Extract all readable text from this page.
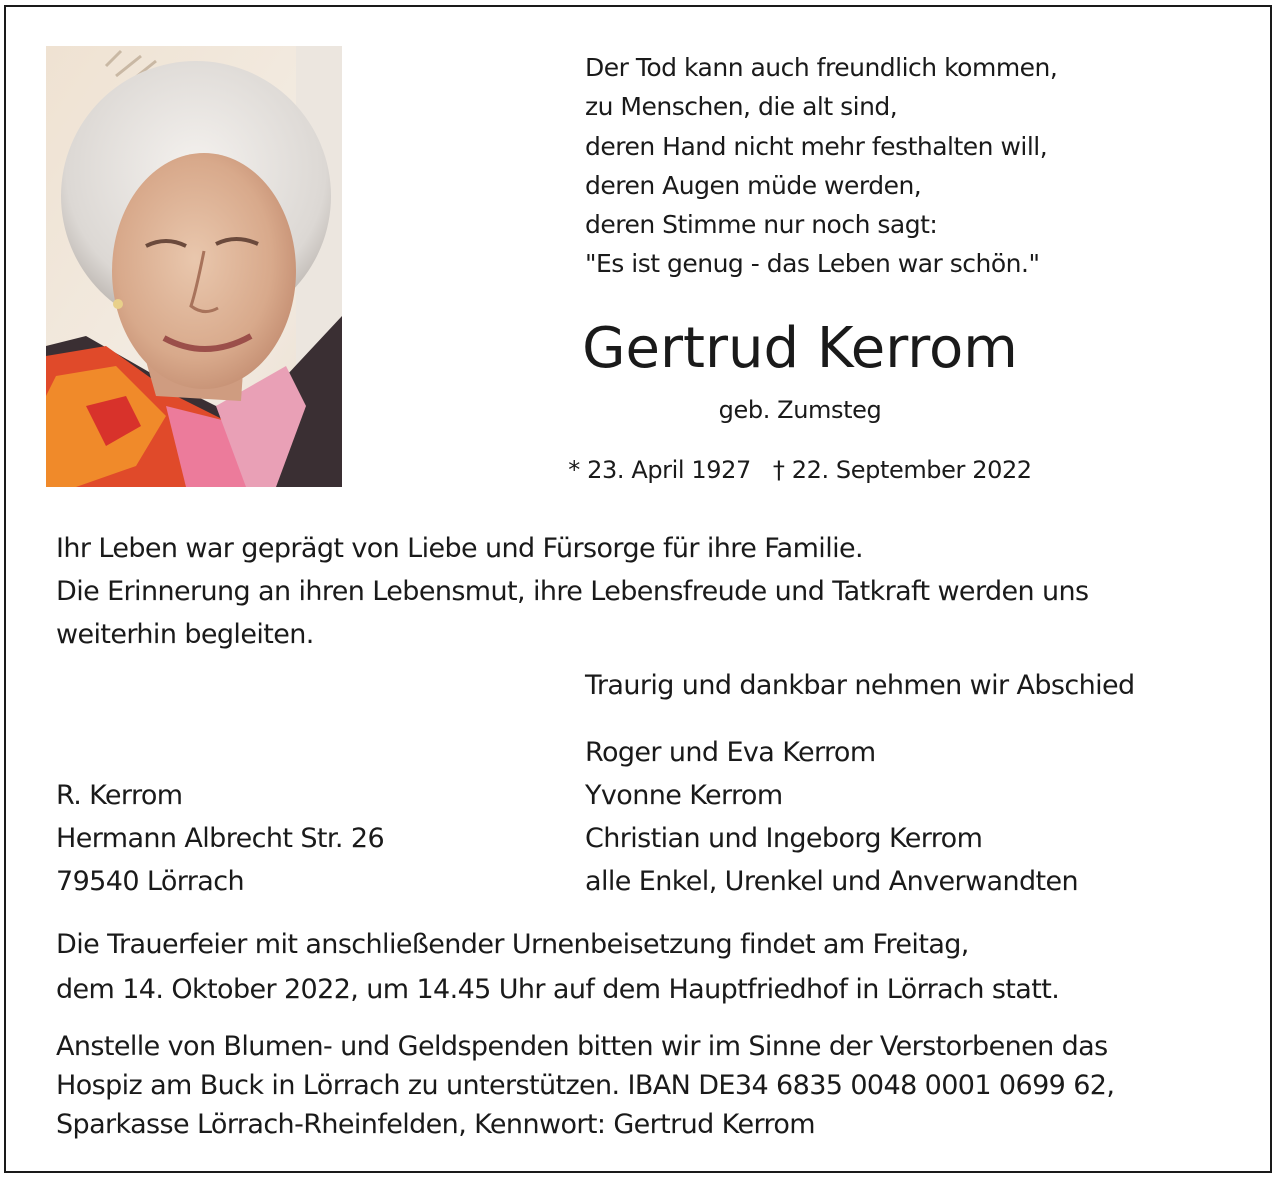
Der Tod kann auch freundlich kommen,
zu Menschen, die alt sind,
deren Hand nicht mehr festhalten will,
deren Augen müde werden,
deren Stimme nur noch sagt:
"Es ist genug - das Leben war schön."
Gertrud Kerrom
geb. Zumsteg
* 23. April 1927 † 22. September 2022
Ihr Leben war geprägt von Liebe und Fürsorge für ihre Familie.
Die Erinnerung an ihren Lebensmut, ihre Lebensfreude und Tatkraft werden uns
weiterhin begleiten.
Traurig und dankbar nehmen wir Abschied
Roger und Eva Kerrom
Yvonne Kerrom
Christian und Ingeborg Kerrom
alle Enkel, Urenkel und Anverwandten
R. Kerrom
Hermann Albrecht Str. 26
79540 Lörrach
Die Trauerfeier mit anschließender Urnenbeisetzung findet am Freitag,
dem 14. Oktober 2022, um 14.45 Uhr auf dem Hauptfriedhof in Lörrach statt.
Anstelle von Blumen- und Geldspenden bitten wir im Sinne der Verstorbenen das
Hospiz am Buck in Lörrach zu unterstützen. IBAN DE34 6835 0048 0001 0699 62,
Sparkasse Lörrach-Rheinfelden, Kennwort: Gertrud Kerrom
